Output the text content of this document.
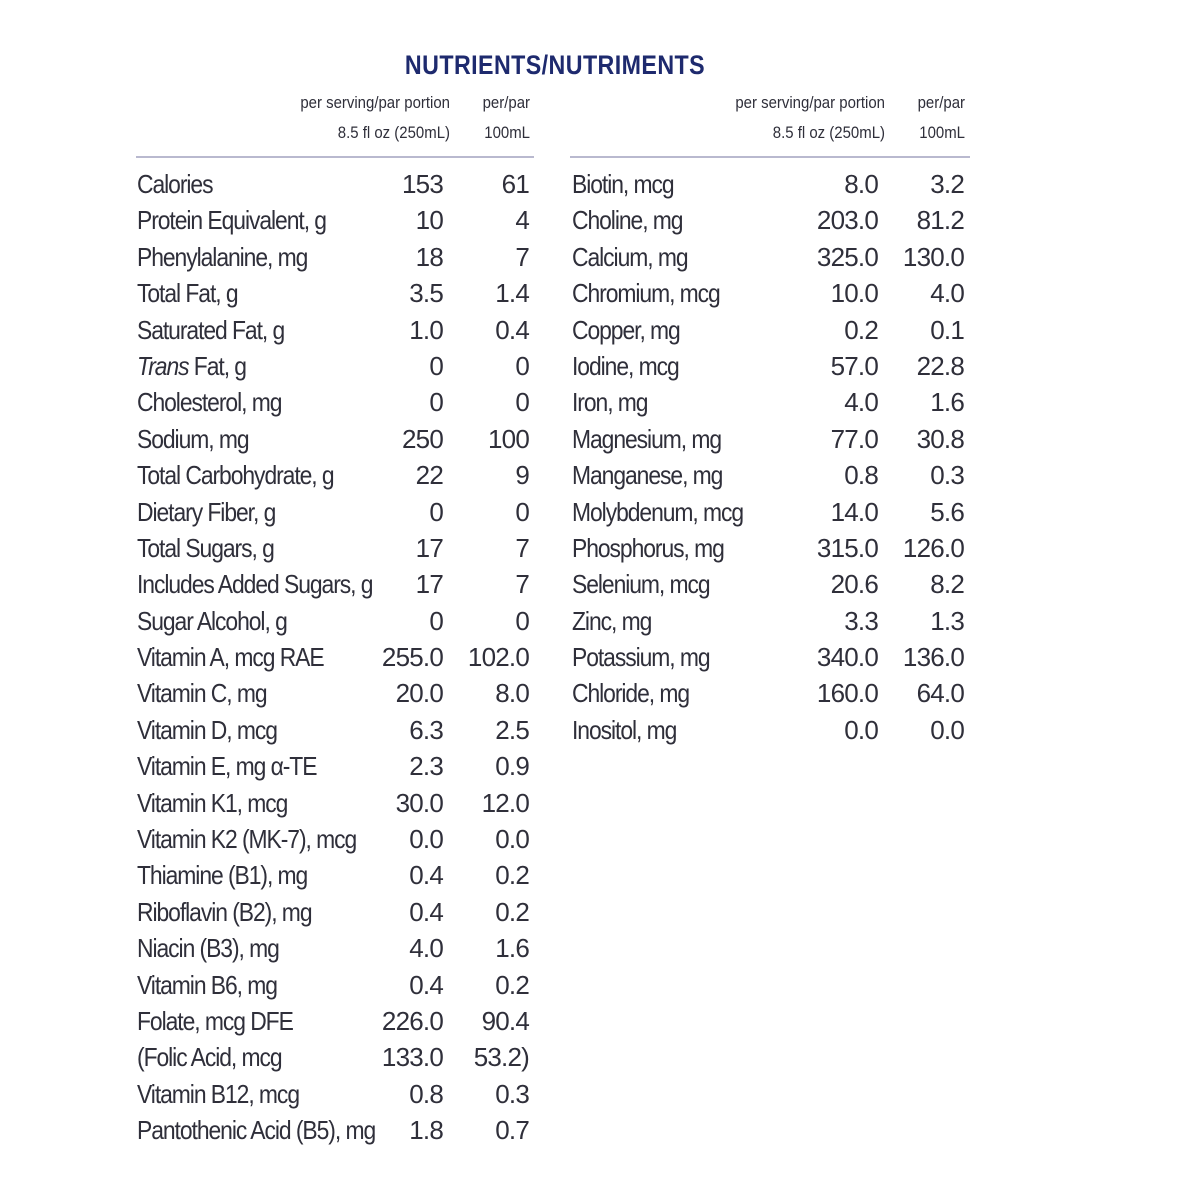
NUTRIENTS/NUTRIMENTS
per serving/par portion
8.5 fl oz (250mL)
per/par
100mL
per serving/par portion
8.5 fl oz (250mL)
per/par
100mL
Calories	153 61
Protein Equivalent, g	10	4
Phenylalanine, mg	18	7
Total Fat, g	3.5 1.4
Saturated Fat, g	1.0 0.4
Trans Fat, g	0	0
Cholesterol, mg	0	0
Sodium, mg	250 100
Total Carbohydrate, g	22	9
Dietary Fiber, g	0	0
Total Sugars, g	17	7
Includes Added Sugars, g 17	7
Sugar Alcohol, g	0	0
Vitamin A, mcg RAE 255.0 102.0
Vitamin C, mg	20.0 8.0
Vitamin D, mcg	6.3 2.5
Vitamin E, mg α-TE	2.3 0.9
Vitamin K1, mcg	30.0 12.0
Vitamin K2 (MK-7), mcg 0.0 0.0
Thiamine (B1), mg	0.4 0.2
Riboflavin (B2), mg	0.4 0.2
Niacin (B3), mg	4.0 1.6
Vitamin B6, mg	0.4 0.2
Folate, mcg DFE	226.0 90.4
(Folic Acid, mcg	133.0 53.2)
Vitamin B12, mcg	0.8 0.3
Pantothenic Acid (B5), mg 1.8 0.7
Biotin, mcg	8.0 3.2
Choline, mg	203.0 81.2
Calcium, mg	325.0 130.0
Chromium, mcg	10.0 4.0
Copper, mg	0.2 0.1
Iodine, mcg	57.0 22.8
Iron, mg	4.0 1.6
Magnesium, mg	77.0 30.8
Manganese, mg	0.8 0.3
Molybdenum, mcg	14.0 5.6
Phosphorus, mg	315.0 126.0
Selenium, mcg	20.6 8.2
Zinc, mg	3.3 1.3
Potassium, mg	340.0 136.0
Chloride, mg	160.0 64.0
Inositol, mg	0.0 0.0
